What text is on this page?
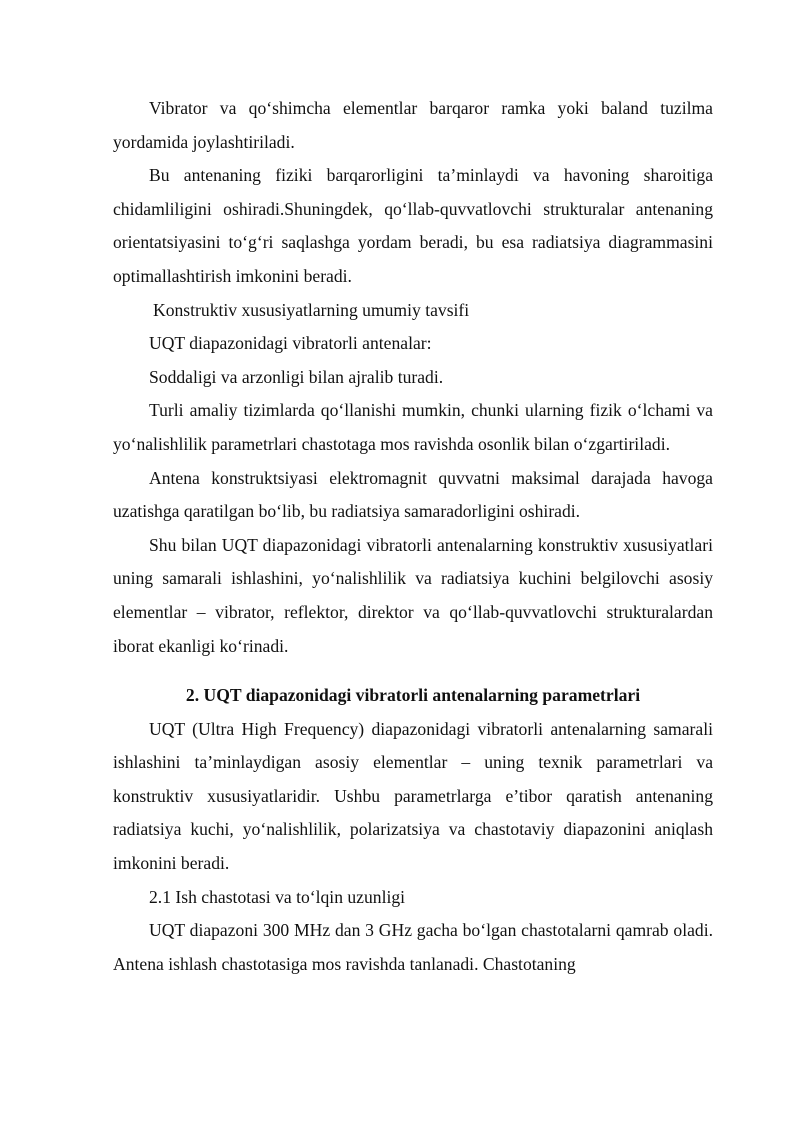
Vibrator va qo‘shimcha elementlar barqaror ramka yoki baland tuzilma yordamida joylashtiriladi.

Bu antenaning fiziki barqarorligini ta’minlaydi va havoning sharoitiga chidamliligini oshiradi.Shuningdek, qo‘llab-quvvatlovchi strukturalar antenaning orientatsiyasini to‘g‘ri saqlashga yordam beradi, bu esa radiatsiya diagrammasini optimallashtirish imkonini beradi.

Konstruktiv xususiyatlarning umumiy tavsifi

UQT diapazonidagi vibratorli antenalar:

Soddaligi va arzonligi bilan ajralib turadi.

Turli amaliy tizimlarda qo‘llanishi mumkin, chunki ularning fizik o‘lchami va yo‘nalishlilik parametrlari chastotaga mos ravishda osonlik bilan o‘zgartiriladi.

Antena konstruktsiyasi elektromagnit quvvatni maksimal darajada havoga uzatishga qaratilgan bo‘lib, bu radiatsiya samaradorligini oshiradi.

Shu bilan UQT diapazonidagi vibratorli antenalarning konstruktiv xususiyatlari uning samarali ishlashini, yo‘nalishlilik va radiatsiya kuchini belgilovchi asosiy elementlar – vibrator, reflektor, direktor va qo‘llab-quvvatlovchi strukturalardan iborat ekanligi ko‘rinadi.

2. UQT diapazonidagi vibratorli antenalarning parametrlari

UQT (Ultra High Frequency) diapazonidagi vibratorli antenalarning samarali ishlashini ta’minlaydigan asosiy elementlar – uning texnik parametrlari va konstruktiv xususiyatlaridir. Ushbu parametrlarga e’tibor qaratish antenaning radiatsiya kuchi, yo‘nalishlilik, polarizatsiya va chastotaviy diapazonini aniqlash imkonini beradi.

2.1 Ish chastotasi va to‘lqin uzunligi

UQT diapazoni 300 MHz dan 3 GHz gacha bo‘lgan chastotalarni qamrab oladi. Antena ishlash chastotasiga mos ravishda tanlanadi. Chastotaning
